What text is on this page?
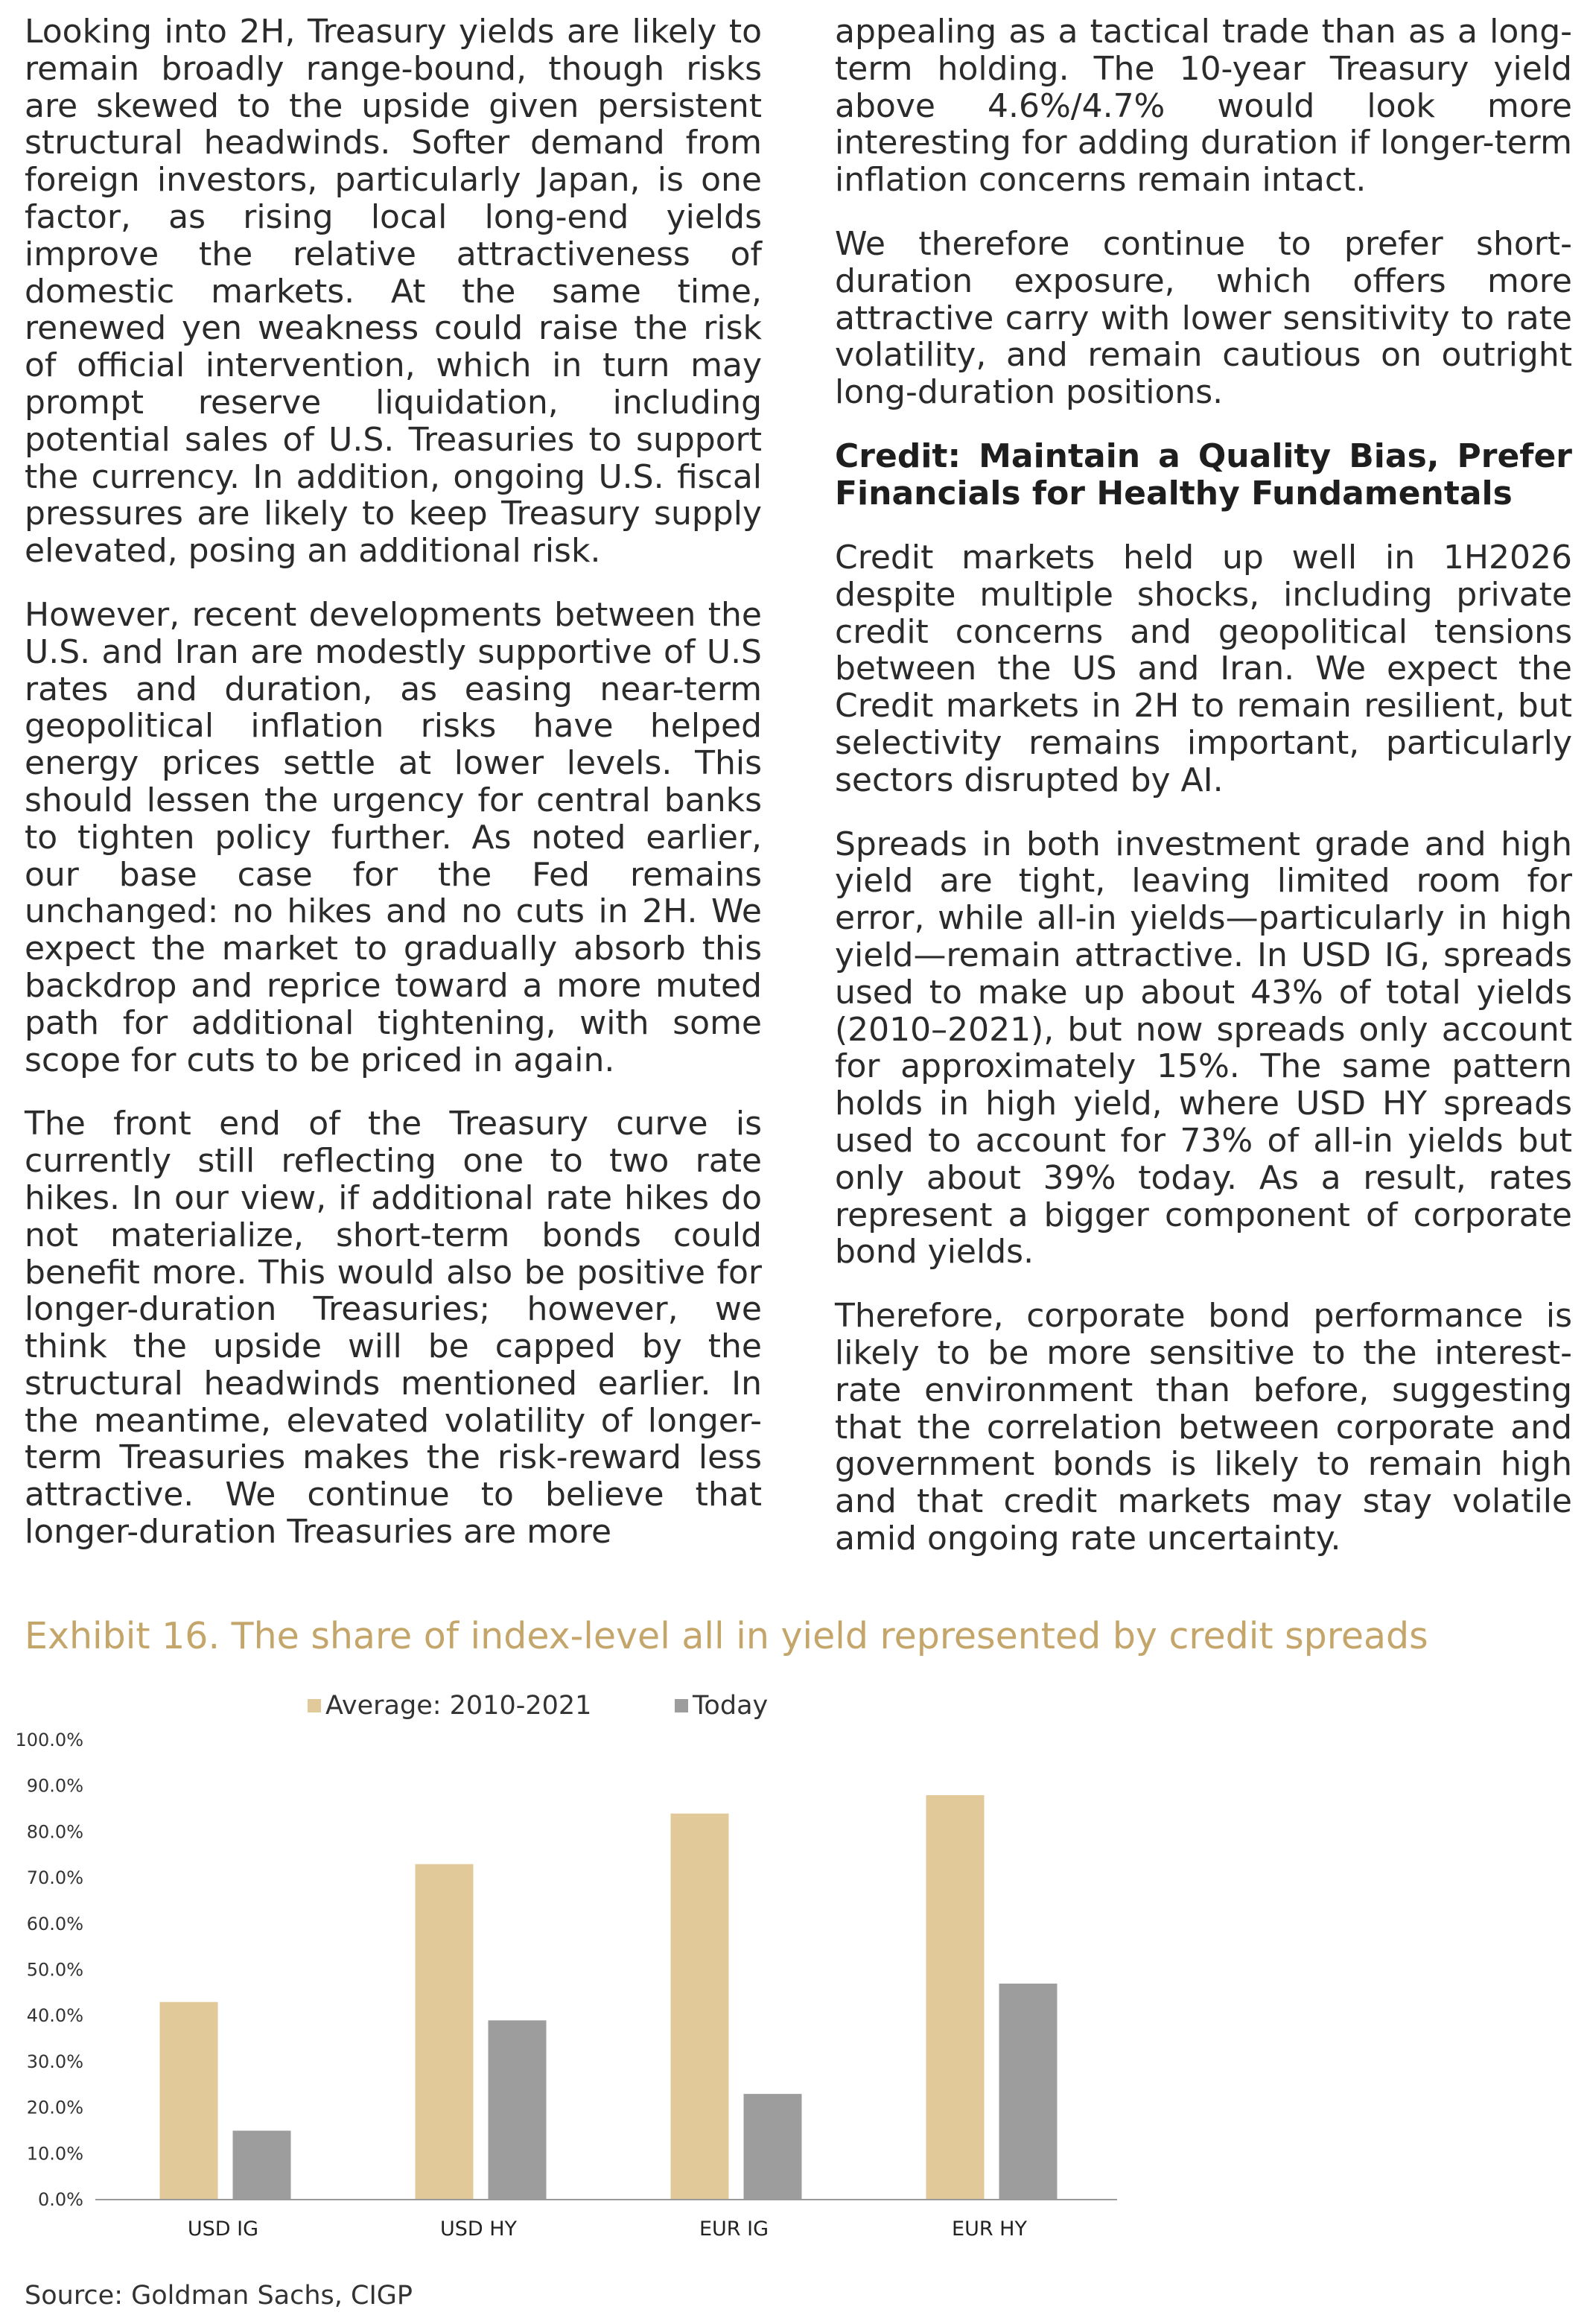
Looking into 2H, Treasury yields are likely to remain broadly range-bound, though risks are skewed to the upside given persistent structural headwinds. Softer demand from foreign investors, particularly Japan, is one factor, as rising local long-end yields improve the relative attractiveness of domestic markets. At the same time, renewed yen weakness could raise the risk of official intervention, which in turn may prompt reserve liquidation, including potential sales of U.S. Treasuries to support the currency. In addition, ongoing U.S. fiscal pressures are likely to keep Treasury supply elevated, posing an additional risk.

However, recent developments between the U.S. and Iran are modestly supportive of U.S rates and duration, as easing near-term geopolitical inflation risks have helped energy prices settle at lower levels. This should lessen the urgency for central banks to tighten policy further. As noted earlier, our base case for the Fed remains unchanged: no hikes and no cuts in 2H. We expect the market to gradually absorb this backdrop and reprice toward a more muted path for additional tightening, with some scope for cuts to be priced in again.

The front end of the Treasury curve is currently still reflecting one to two rate hikes. In our view, if additional rate hikes do not materialize, short-term bonds could benefit more. This would also be positive for longer-duration Treasuries; however, we think the upside will be capped by the structural headwinds mentioned earlier. In the meantime, elevated volatility of longer-term Treasuries makes the risk-reward less attractive. We continue to believe that longer-duration Treasuries are more

appealing as a tactical trade than as a long-term holding. The 10-year Treasury yield above 4.6%/4.7% would look more interesting for adding duration if longer-term inflation concerns remain intact.

We therefore continue to prefer short-duration exposure, which offers more attractive carry with lower sensitivity to rate volatility, and remain cautious on outright long-duration positions.

Credit: Maintain a Quality Bias, Prefer Financials for Healthy Fundamentals

Credit markets held up well in 1H2026 despite multiple shocks, including private credit concerns and geopolitical tensions between the US and Iran. We expect the Credit markets in 2H to remain resilient, but selectivity remains important, particularly sectors disrupted by AI.

Spreads in both investment grade and high yield are tight, leaving limited room for error, while all-in yields—particularly in high yield—remain attractive. In USD IG, spreads used to make up about 43% of total yields (2010–2021), but now spreads only account for approximately 15%. The same pattern holds in high yield, where USD HY spreads used to account for 73% of all-in yields but only about 39% today. As a result, rates represent a bigger component of corporate bond yields.

Therefore, corporate bond performance is likely to be more sensitive to the interest-rate environment than before, suggesting that the correlation between corporate and government bonds is likely to remain high and that credit markets may stay volatile amid ongoing rate uncertainty.

Exhibit 16. The share of index-level all in yield represented by credit spreads
Average: 2010-2021	Today
0.0%
10.0%
20.0%
30.0%
40.0%
50.0%
60.0%
70.0%
80.0%
90.0%
100.0%
USD IG	USD HY	EUR IG	EUR HY
Source: Goldman Sachs, CIGP
